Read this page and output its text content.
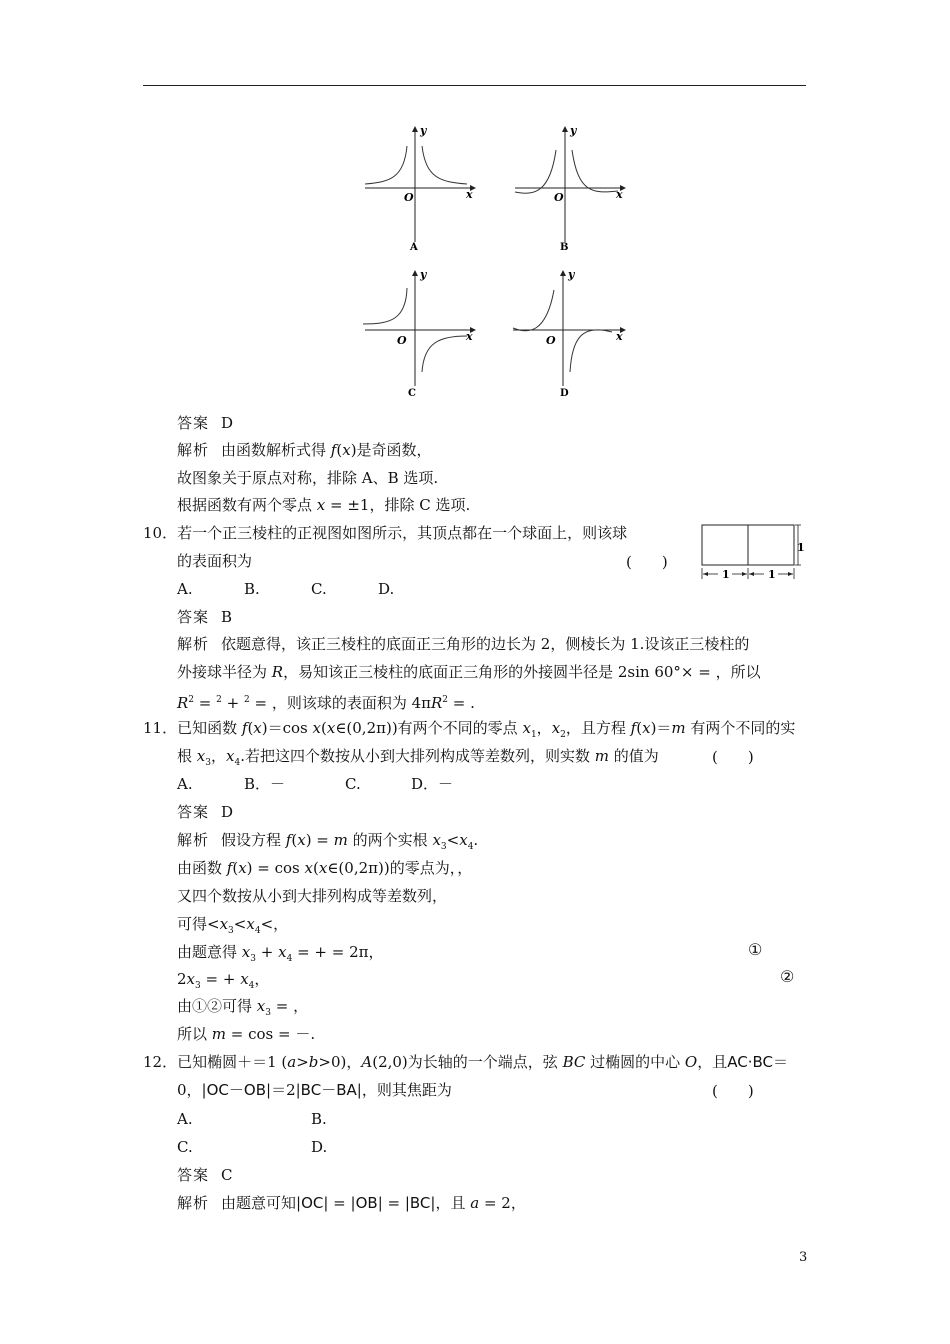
y
x
O
A
y
x
O
B
y
x
O
C
y
x
O
D
答案 D
解析 由函数解析式得 f(x)是奇函数，
故图象关于原点对称，排除 A、B 选项.
根据函数有两个零点 x = ±1，排除 C 选项.
10．若一个正三棱柱的正视图如图所示，其顶点都在一个球面上，则该球
的表面积为	(　　)
1
1	1
A.	B.	C.	D.
答案 B
解析 依题意得，该正三棱柱的底面正三角形的边长为 2，侧棱长为 1.设该正三棱柱的
外接球半径为 R，易知该正三棱柱的底面正三角形的外接圆半径是 2sin 60°× = ，所以
$R^2 = ^2 + ^2$ = ，则该球的表面积为 $4\pi R^2$ = .
11．已知函数 f(x)＝cos x(x∈(0,2π))有两个不同的零点 $x_1$，$x_2$，且方程 f(x)＝m 有两个不同的实
根 $x_3$，$x_4$.若把这四个数按从小到大排列构成等差数列，则实数 m 的值为	(　　)
A.	B．－	C.	D．－
答案 D
解析 假设方程 f(x) = m 的两个实根 $x_3<x_4$.
由函数 f(x) = cos x(x∈(0,2π))的零点为，，
又四个数按从小到大排列构成等差数列，
可得$<x_3<x_4<$，
由题意得 $x_3 + x_4$ = + = 2π，	①
$2x_3$ = + $x_4$，	②
由①②可得 $x_3$ = ，
所以 m = cos = －.
12．已知椭圆＋＝1 (a>b>0)，A(2,0)为长轴的一个端点，弦 BC 过椭圆的中心 O，且AC·BC＝
0，|OC－OB|＝2|BC－BA|，则其焦距为	(　　)
A.	B.
C.	D.
答案 C
解析 由题意可知|OC| = |OB| = |BC|，且 a = 2，
3
